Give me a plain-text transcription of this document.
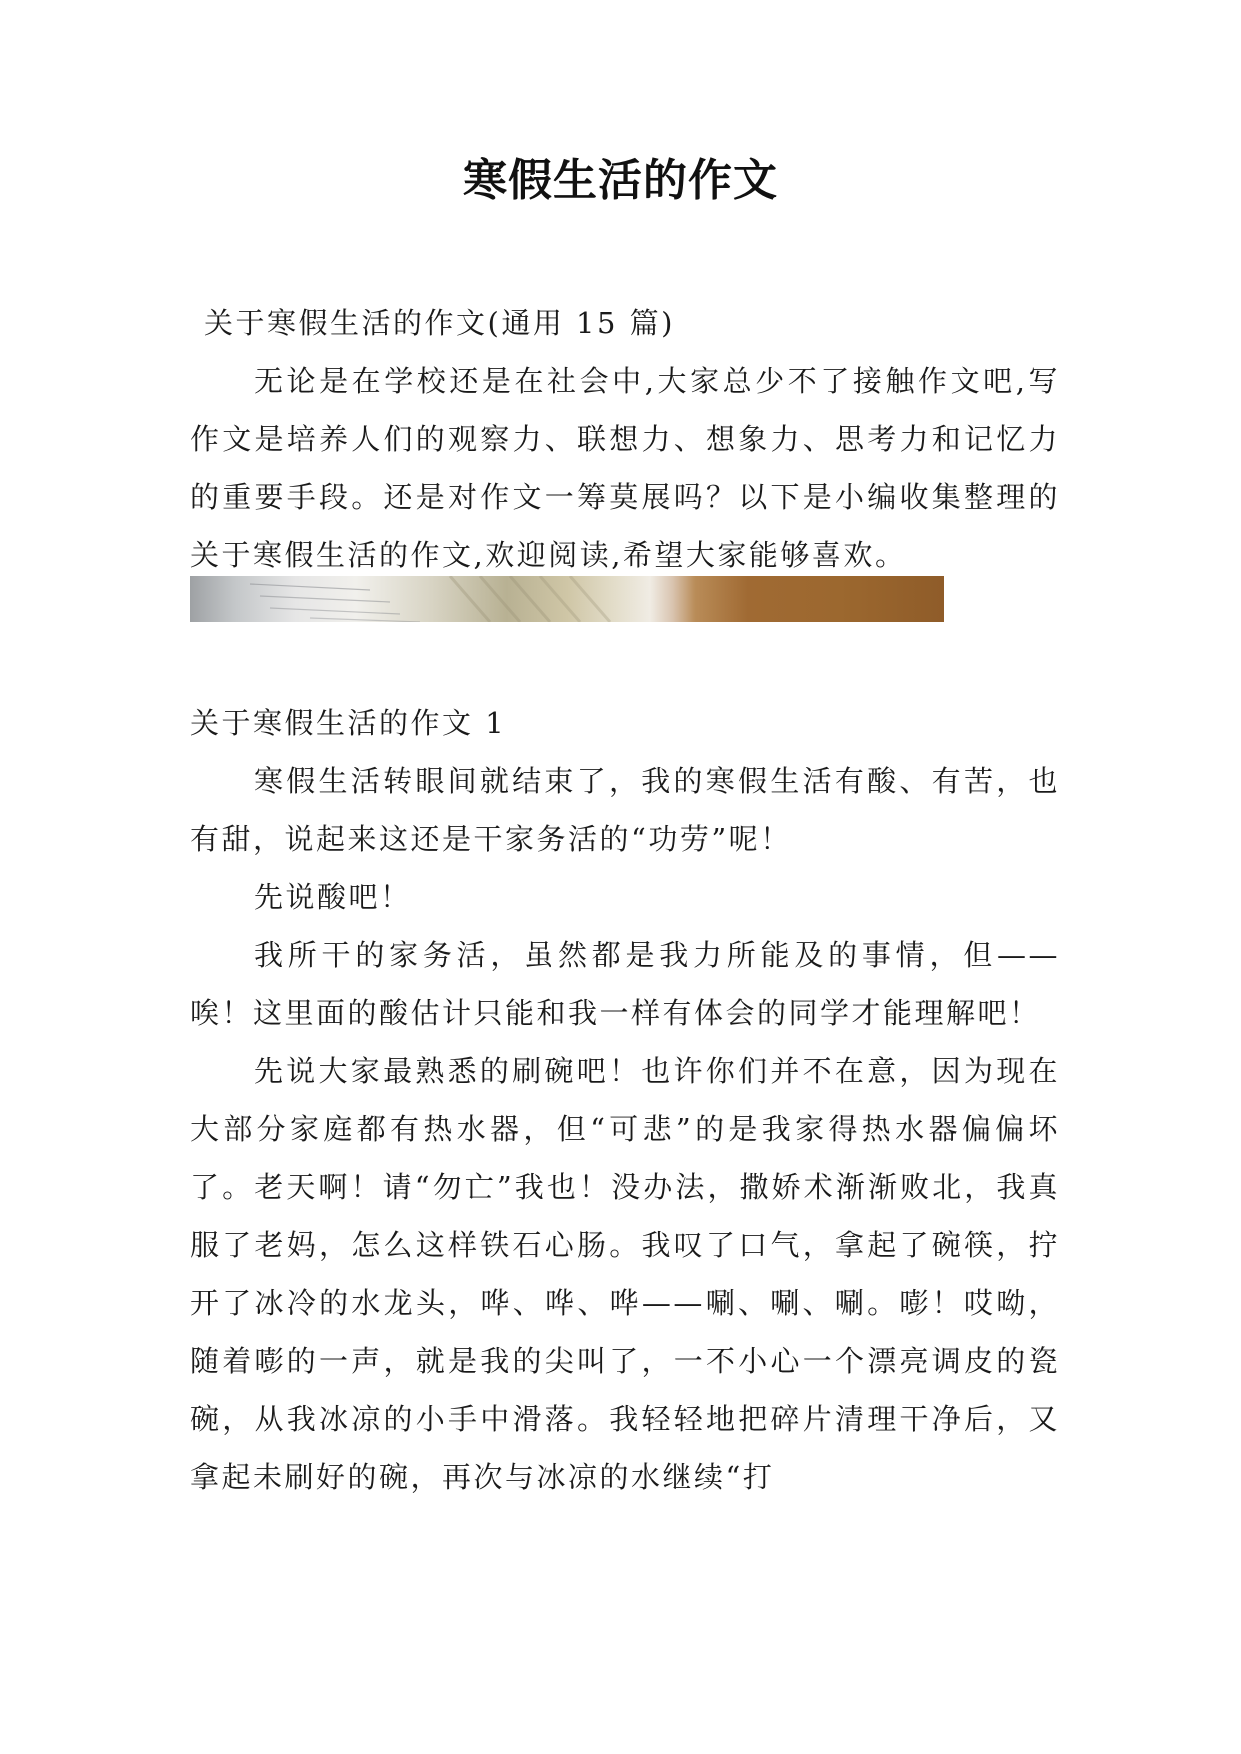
寒假生活的作文

关于寒假生活的作文(通用 15 篇)

无论是在学校还是在社会中,大家总少不了接触作文吧,写作文是培养人们的观察力、联想力、想象力、思考力和记忆力的重要手段。还是对作文一筹莫展吗？以下是小编收集整理的关于寒假生活的作文,欢迎阅读,希望大家能够喜欢。

关于寒假生活的作文 1

寒假生活转眼间就结束了，我的寒假生活有酸、有苦，也有甜，说起来这还是干家务活的“功劳”呢！

先说酸吧！

我所干的家务活，虽然都是我力所能及的事情，但——唉！这里面的酸估计只能和我一样有体会的同学才能理解吧！

先说大家最熟悉的刷碗吧！也许你们并不在意，因为现在大部分家庭都有热水器，但“可悲”的是我家得热水器偏偏坏了。老天啊！请“勿亡”我也！没办法，撒娇术渐渐败北，我真服了老妈，怎么这样铁石心肠。我叹了口气，拿起了碗筷，拧开了冰冷的水龙头，哗、哗、哗——唰、唰、唰。嘭！哎呦，随着嘭的一声，就是我的尖叫了，一不小心一个漂亮调皮的瓷碗，从我冰凉的小手中滑落。我轻轻地把碎片清理干净后，又拿起未刷好的碗，再次与冰凉的水继续“打
